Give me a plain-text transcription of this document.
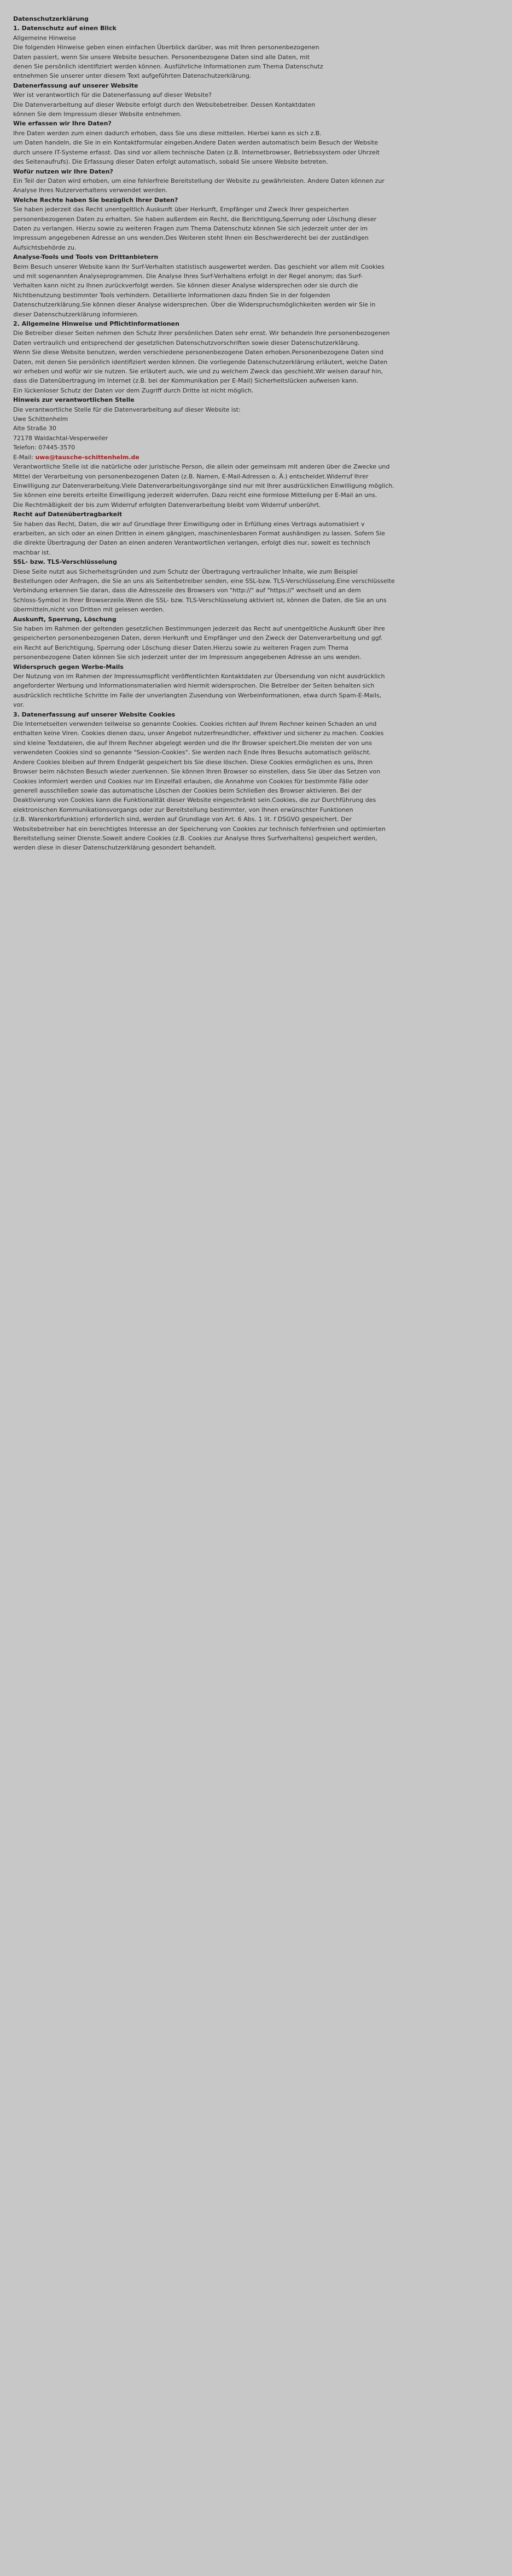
Datenschutzerklärung

1. Datenschutz auf einen Blick

Allgemeine Hinweise

Die folgenden Hinweise geben einen einfachen Überblick darüber, was mit Ihren personenbezogenen
Daten passiert, wenn Sie unsere Website besuchen. Personenbezogene Daten sind alle Daten, mit
denen Sie persönlich identifiziert werden können. Ausführliche Informationen zum Thema Datenschutz
entnehmen Sie unserer unter diesem Text aufgeführten Datenschutzerklärung.

Datenerfassung auf unserer Website

Wer ist verantwortlich für die Datenerfassung auf dieser Website?

Die Datenverarbeitung auf dieser Website erfolgt durch den Websitebetreiber. Dessen Kontaktdaten
können Sie dem Impressum dieser Website entnehmen.

Wie erfassen wir Ihre Daten?

Ihre Daten werden zum einen dadurch erhoben, dass Sie uns diese mitteilen. Hierbei kann es sich z.B.
um Daten handeln, die Sie in ein Kontaktformular eingeben.Andere Daten werden automatisch beim Besuch der Website
durch unsere IT-Systeme erfasst. Das sind vor allem technische Daten (z.B. Internetbrowser, Betriebssystem oder Uhrzeit
des Seitenaufrufs). Die Erfassung dieser Daten erfolgt automatisch, sobald Sie unsere Website betreten.

Wofür nutzen wir Ihre Daten?

Ein Teil der Daten wird erhoben, um eine fehlerfreie Bereitstellung der Website zu gewährleisten. Andere Daten können zur
Analyse Ihres Nutzerverhaltens verwendet werden.

Welche Rechte haben Sie bezüglich Ihrer Daten?

Sie haben jederzeit das Recht unentgeltlich Auskunft über Herkunft, Empfänger und Zweck Ihrer gespeicherten
personenbezogenen Daten zu erhalten. Sie haben außerdem ein Recht, die Berichtigung,Sperrung oder Löschung dieser
Daten zu verlangen. Hierzu sowie zu weiteren Fragen zum Thema Datenschutz können Sie sich jederzeit unter der im
Impressum angegebenen Adresse an uns wenden.Des Weiteren steht Ihnen ein Beschwerderecht bei der zuständigen
Aufsichtsbehörde zu.

Analyse-Tools und Tools von Drittanbietern

Beim Besuch unserer Website kann Ihr Surf-Verhalten statistisch ausgewertet werden. Das geschieht vor allem mit Cookies
und mit sogenannten Analyseprogrammen. Die Analyse Ihres Surf-Verhaltens erfolgt in der Regel anonym; das Surf-
Verhalten kann nicht zu Ihnen zurückverfolgt werden. Sie können dieser Analyse widersprechen oder sie durch die
Nichtbenutzung bestimmter Tools verhindern. Detaillierte Informationen dazu finden Sie in der folgenden
Datenschutzerklärung.Sie können dieser Analyse widersprechen. Über die Widerspruchsmöglichkeiten werden wir Sie in
dieser Datenschutzerklärung informieren.

2. Allgemeine Hinweise und Pflichtinformationen

Die Betreiber dieser Seiten nehmen den Schutz Ihrer persönlichen Daten sehr ernst. Wir behandeln Ihre personenbezogenen
Daten vertraulich und entsprechend der gesetzlichen Datenschutzvorschriften sowie dieser Datenschutzerklärung.
Wenn Sie diese Website benutzen, werden verschiedene personenbezogene Daten erhoben.Personenbezogene Daten sind
Daten, mit denen Sie persönlich identifiziert werden können. Die vorliegende Datenschutzerklärung erläutert, welche Daten
wir erheben und wofür wir sie nutzen. Sie erläutert auch, wie und zu welchem Zweck das geschieht.Wir weisen darauf hin,
dass die Datenübertragung im Internet (z.B. bei der Kommunikation per E-Mail) Sicherheitslücken aufweisen kann.
Ein lückenloser Schutz der Daten vor dem Zugriff durch Dritte ist nicht möglich.

Hinweis zur verantwortlichen Stelle

Die verantwortliche Stelle für die Datenverarbeitung auf dieser Website ist:

Uwe Schittenhelm

Alte Straße 30

72178 Waldachtal-Vesperweiler

Telefon: 07445-3570

E-Mail: uwe@tausche-schittenhelm.de

Verantwortliche Stelle ist die natürliche oder juristische Person, die allein oder gemeinsam mit anderen über die Zwecke und
Mittel der Verarbeitung von personenbezogenen Daten (z.B. Namen, E-Mail-Adressen o. Ä.) entscheidet.Widerruf Ihrer
Einwilligung zur Datenverarbeitung.Viele Datenverarbeitungsvorgänge sind nur mit Ihrer ausdrücklichen Einwilligung möglich.
Sie können eine bereits erteilte Einwilligung jederzeit widerrufen. Dazu reicht eine formlose Mitteilung per E-Mail an uns.
Die Rechtmäßigkeit der bis zum Widerruf erfolgten Datenverarbeitung bleibt vom Widerruf unberührt.

Recht auf Datenübertragbarkeit

Sie haben das Recht, Daten, die wir auf Grundlage Ihrer Einwilligung oder in Erfüllung eines Vertrags automatisiert v
erarbeiten, an sich oder an einen Dritten in einem gängigen, maschinenlesbaren Format aushändigen zu lassen. Sofern Sie
die direkte Übertragung der Daten an einen anderen Verantwortlichen verlangen, erfolgt dies nur, soweit es technisch
machbar ist.

SSL- bzw. TLS-Verschlüsselung

Diese Seite nutzt aus Sicherheitsgründen und zum Schutz der Übertragung vertraulicher Inhalte, wie zum Beispiel
Bestellungen oder Anfragen, die Sie an uns als Seitenbetreiber senden, eine SSL-bzw. TLS-Verschlüsselung.Eine verschlüsselte
Verbindung erkennen Sie daran, dass die Adresszeile des Browsers von "http://" auf "https://" wechselt und an dem
Schloss-Symbol in Ihrer Browserzeile.Wenn die SSL- bzw. TLS-Verschlüsselung aktiviert ist, können die Daten, die Sie an uns
übermitteln,nicht von Dritten mit gelesen werden.

Auskunft, Sperrung, Löschung

Sie haben im Rahmen der geltenden gesetzlichen Bestimmungen jederzeit das Recht auf unentgeltliche Auskunft über Ihre
gespeicherten personenbezogenen Daten, deren Herkunft und Empfänger und den Zweck der Datenverarbeitung und ggf.
ein Recht auf Berichtigung, Sperrung oder Löschung dieser Daten.Hierzu sowie zu weiteren Fragen zum Thema
personenbezogene Daten können Sie sich jederzeit unter der im Impressum angegebenen Adresse an uns wenden.

Widerspruch gegen Werbe-Mails

Der Nutzung von im Rahmen der Impressumspflicht veröffentlichten Kontaktdaten zur Übersendung von nicht ausdrücklich
angeforderter Werbung und Informationsmaterialien wird hiermit widersprochen. Die Betreiber der Seiten behalten sich
ausdrücklich rechtliche Schritte im Falle der unverlangten Zusendung von Werbeinformationen, etwa durch Spam-E-Mails,
vor.

3. Datenerfassung auf unserer Website Cookies

Die Internetseiten verwenden teilweise so genannte Cookies. Cookies richten auf Ihrem Rechner keinen Schaden an und
enthalten keine Viren. Cookies dienen dazu, unser Angebot nutzerfreundlicher, effektiver und sicherer zu machen. Cookies
sind kleine Textdateien, die auf Ihrem Rechner abgelegt werden und die Ihr Browser speichert.Die meisten der von uns
verwendeten Cookies sind so genannte "Session-Cookies". Sie werden nach Ende Ihres Besuchs automatisch gelöscht.
Andere Cookies bleiben auf Ihrem Endgerät gespeichert bis Sie diese löschen. Diese Cookies ermöglichen es uns, Ihren
Browser beim nächsten Besuch wieder zuerkennen. Sie können Ihren Browser so einstellen, dass Sie über das Setzen von
Cookies informiert werden und Cookies nur im Einzelfall erlauben, die Annahme von Cookies für bestimmte Fälle oder
generell ausschließen sowie das automatische Löschen der Cookies beim Schließen des Browser aktivieren. Bei der
Deaktivierung von Cookies kann die Funktionalität dieser Website eingeschränkt sein.Cookies, die zur Durchführung des
elektronischen Kommunikationsvorgangs oder zur Bereitstellung bestimmter, von Ihnen erwünschter Funktionen
(z.B. Warenkorbfunktion) erforderlich sind, werden auf Grundlage von Art. 6 Abs. 1 lit. f DSGVO gespeichert. Der
Websitebetreiber hat ein berechtigtes Interesse an der Speicherung von Cookies zur technisch fehlerfreien und optimierten
Bereitstellung seiner Dienste.Soweit andere Cookies (z.B. Cookies zur Analyse Ihres Surfverhaltens) gespeichert werden,
werden diese in dieser Datenschutzerklärung gesondert behandelt.
